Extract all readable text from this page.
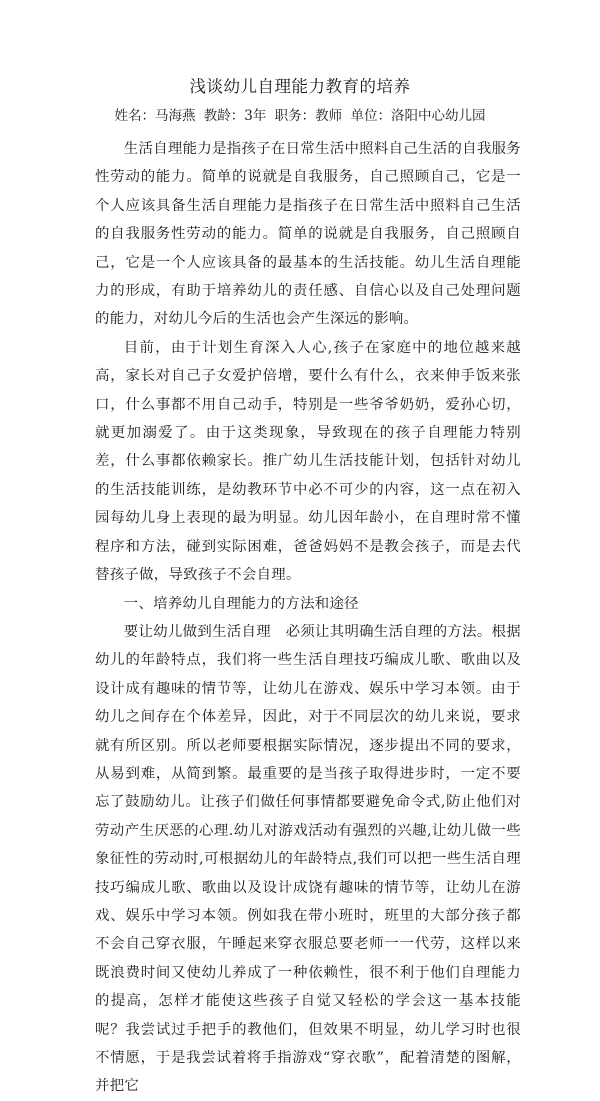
浅谈幼儿自理能力教育的培养
姓名：马海燕 教龄：3年 职务：教师 单位：洛阳中心幼儿园

生活自理能力是指孩子在日常生活中照料自己生活的自我服务性劳动的能力。简单的说就是自我服务，自己照顾自己，它是一个人应该具备生活自理能力是指孩子在日常生活中照料自己生活的自我服务性劳动的能力。简单的说就是自我服务，自己照顾自己，它是一个人应该具备的最基本的生活技能。幼儿生活自理能力的形成，有助于培养幼儿的责任感、自信心以及自己处理问题的能力，对幼儿今后的生活也会产生深远的影响。

目前，由于计划生育深入人心,孩子在家庭中的地位越来越高，家长对自己子女爱护倍增，要什么有什么，衣来伸手饭来张口，什么事都不用自己动手，特别是一些爷爷奶奶，爱孙心切，就更加溺爱了。由于这类现象，导致现在的孩子自理能力特别差，什么事都依赖家长。推广幼儿生活技能计划，包括针对幼儿的生活技能训练，是幼教环节中必不可少的内容，这一点在初入园每幼儿身上表现的最为明显。幼儿因年龄小，在自理时常不懂程序和方法，碰到实际困难，爸爸妈妈不是教会孩子，而是去代替孩子做，导致孩子不会自理。

一、培养幼儿自理能力的方法和途径

要让幼儿做到生活自理　必须让其明确生活自理的方法。根据幼儿的年龄特点，我们将一些生活自理技巧编成儿歌、歌曲以及设计成有趣味的情节等，让幼儿在游戏、娱乐中学习本领。由于幼儿之间存在个体差异，因此，对于不同层次的幼儿来说，要求就有所区别。所以老师要根据实际情况，逐步提出不同的要求，从易到难，从简到繁。最重要的是当孩子取得进步时，一定不要忘了鼓励幼儿。让孩子们做任何事情都要避免命令式,防止他们对劳动产生厌恶的心理.幼儿对游戏活动有强烈的兴趣,让幼儿做一些象征性的劳动时,可根据幼儿的年龄特点,我们可以把一些生活自理技巧编成儿歌、歌曲以及设计成饶有趣味的情节等，让幼儿在游戏、娱乐中学习本领。例如我在带小班时，班里的大部分孩子都不会自己穿衣服，午睡起来穿衣服总要老师一一代劳，这样以来既浪费时间又使幼儿养成了一种依赖性，很不利于他们自理能力的提高，怎样才能使这些孩子自觉又轻松的学会这一基本技能呢？我尝试过手把手的教他们，但效果不明显，幼儿学习时也很不情愿，于是我尝试着将手指游戏“穿衣歌”，配着清楚的图解，并把它
